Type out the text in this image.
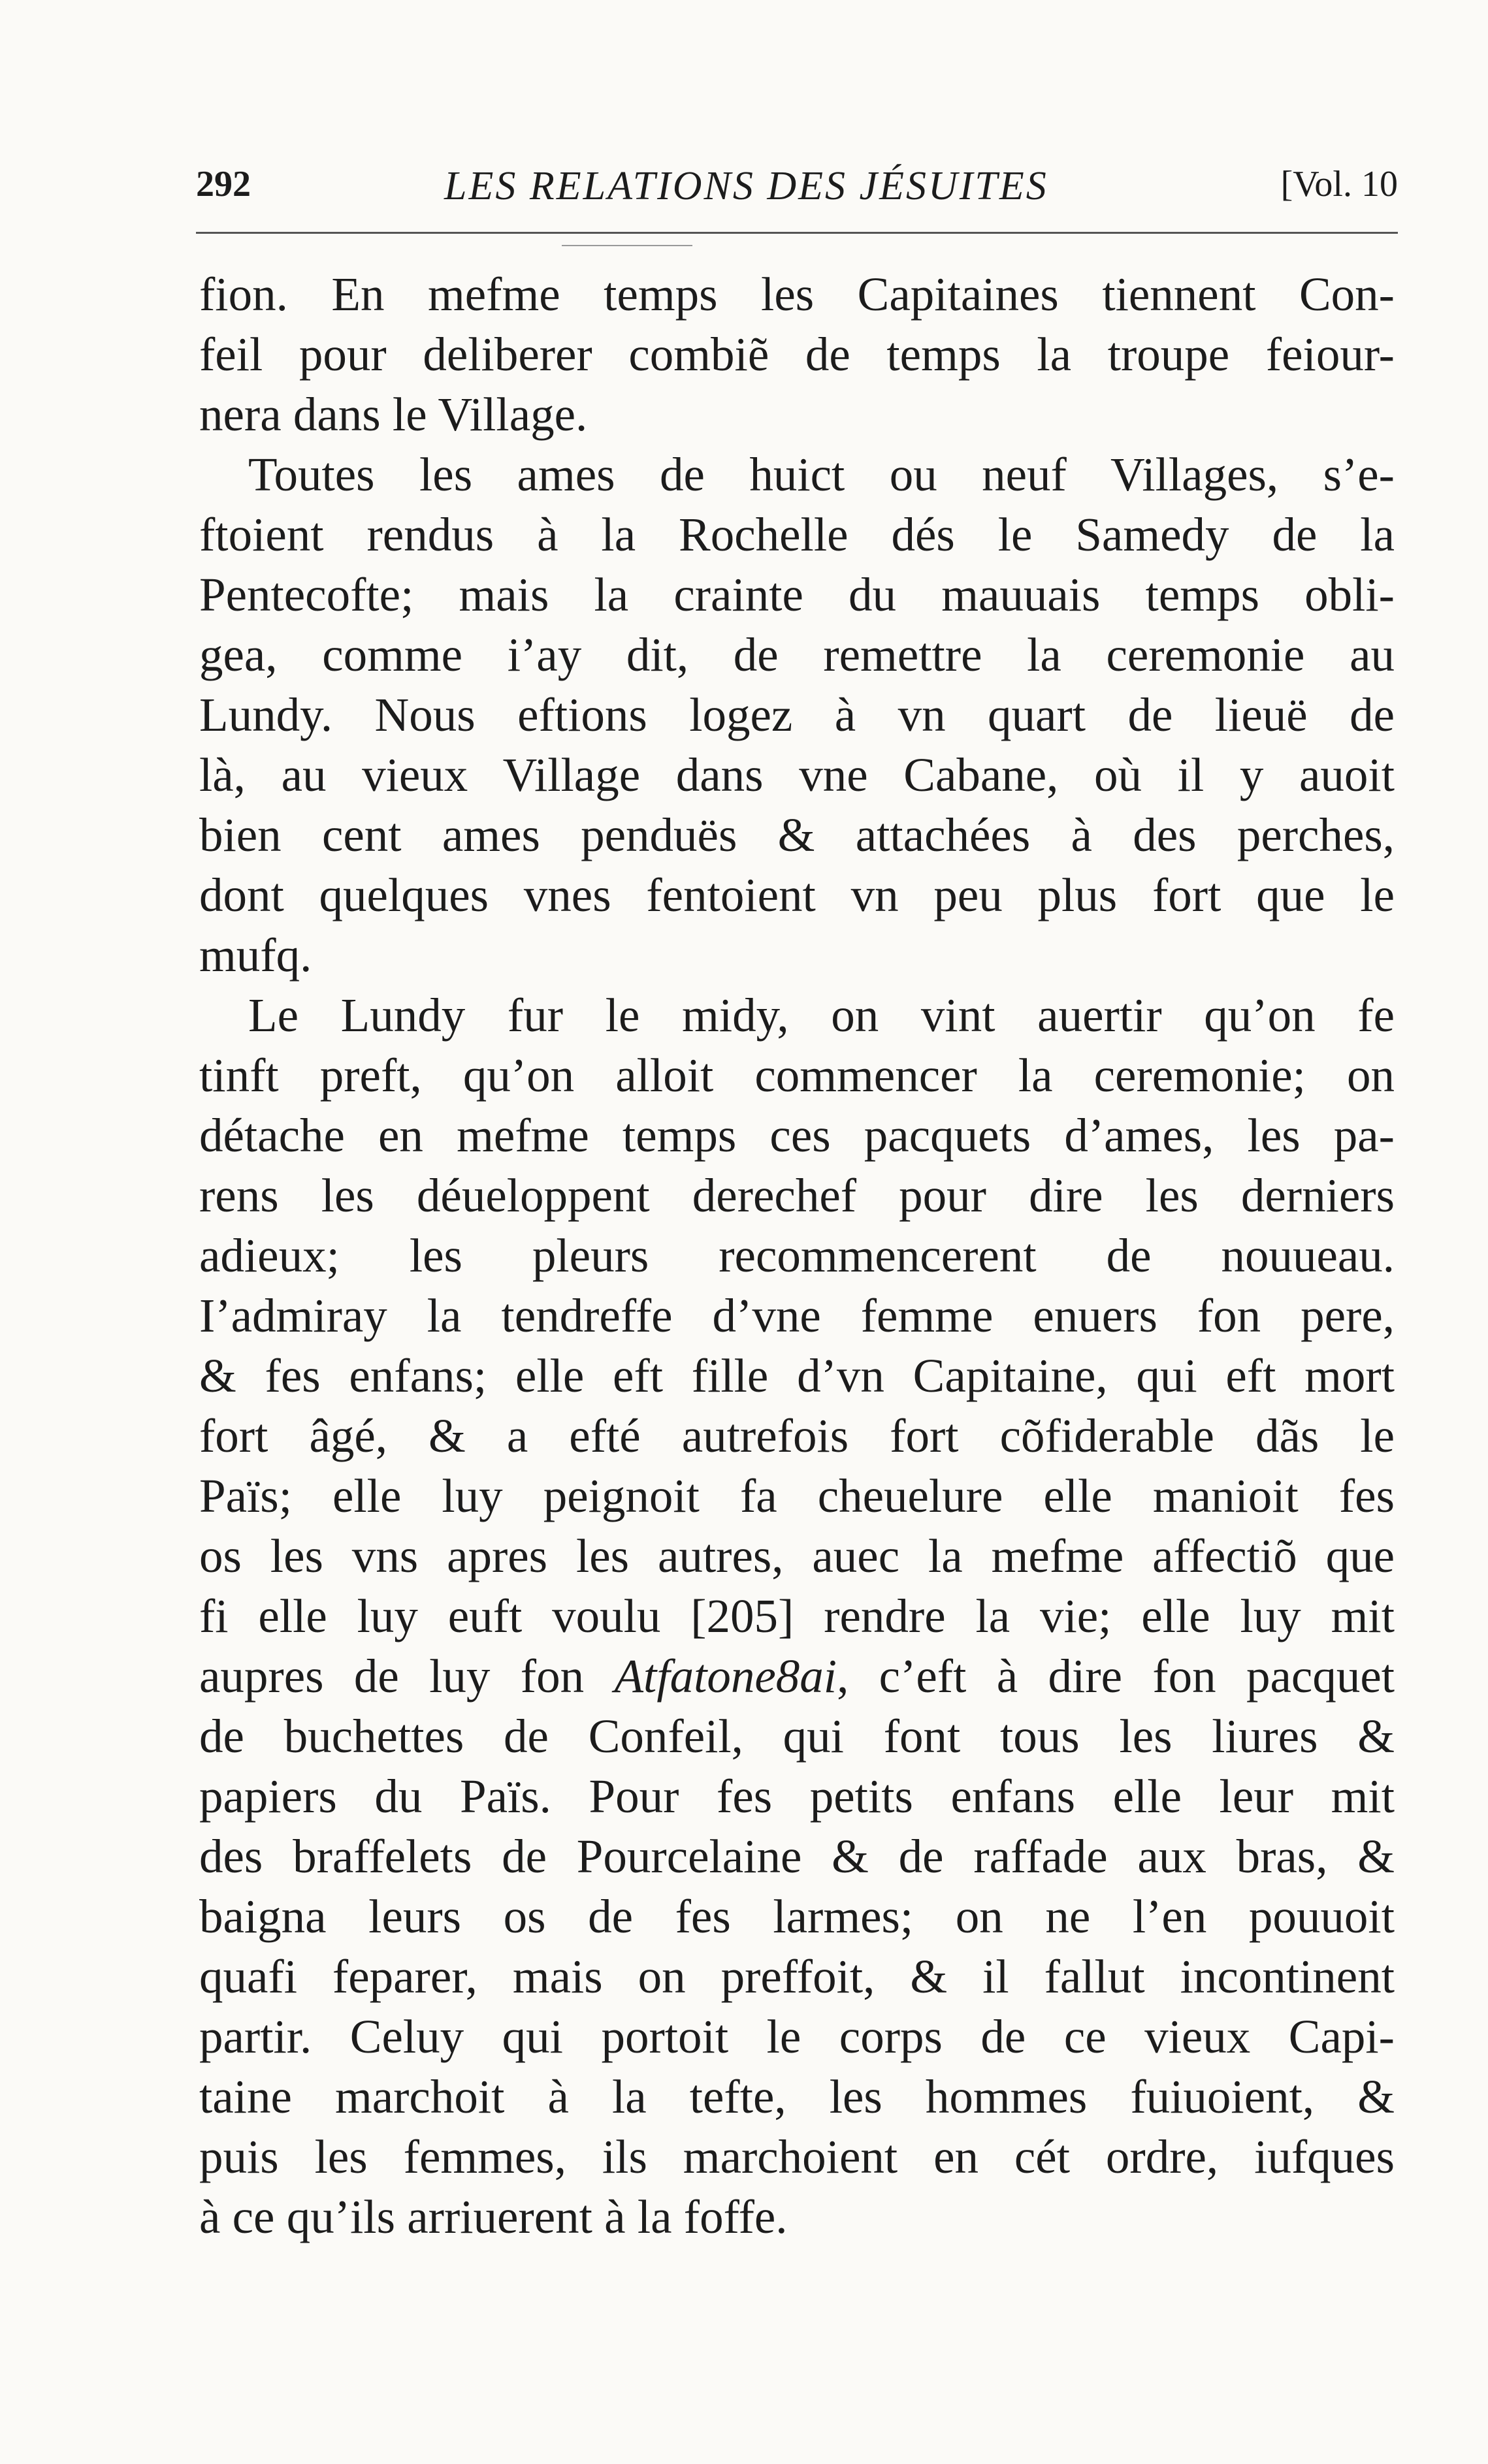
292	LES RELATIONS DES JÉSUITES	[Vol. 10
fion. En mefme temps les Capitaines tiennent Con-
feil pour deliberer combiẽ de temps la troupe feiour-
nera dans le Village.
Toutes les ames de huict ou neuf Villages, s’e-
ftoient rendus à la Rochelle dés le Samedy de la
Pentecofte; mais la crainte du mauuais temps obli-
gea, comme i’ay dit, de remettre la ceremonie au
Lundy. Nous eftions logez à vn quart de lieuë de
là, au vieux Village dans vne Cabane, où il y auoit
bien cent ames penduës & attachées à des perches,
dont quelques vnes fentoient vn peu plus fort que le
mufq.
Le Lundy fur le midy, on vint auertir qu’on fe
tinft preft, qu’on alloit commencer la ceremonie; on
détache en mefme temps ces pacquets d’ames, les pa-
rens les déueloppent derechef pour dire les derniers
adieux; les pleurs recommencerent de nouueau.
I’admiray la tendreffe d’vne femme enuers fon pere,
& fes enfans; elle eft fille d’vn Capitaine, qui eft mort
fort âgé, & a efté autrefois fort cõfiderable dãs le
Païs; elle luy peignoit fa cheuelure elle manioit fes
os les vns apres les autres, auec la mefme affectiõ que
fi elle luy euft voulu [205] rendre la vie; elle luy mit
aupres de luy fon Atfatone8ai, c’eft à dire fon pacquet
de buchettes de Confeil, qui font tous les liures &
papiers du Païs. Pour fes petits enfans elle leur mit
des braffelets de Pourcelaine & de raffade aux bras, &
baigna leurs os de fes larmes; on ne l’en pouuoit
quafi feparer, mais on preffoit, & il fallut incontinent
partir. Celuy qui portoit le corps de ce vieux Capi-
taine marchoit à la tefte, les hommes fuiuoient, &
puis les femmes, ils marchoient en cét ordre, iufques
à ce qu’ils arriuerent à la foffe.
